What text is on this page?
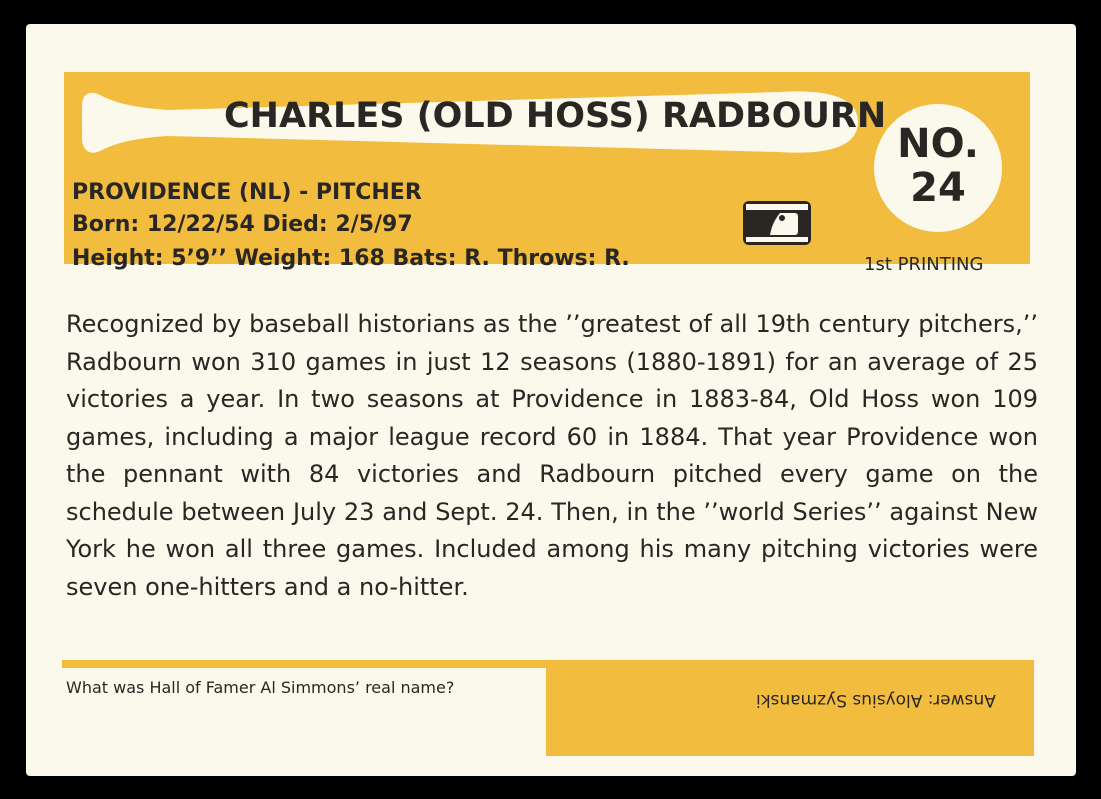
CHARLES (OLD HOSS) RADBOURN
NO.
24
PROVIDENCE (NL) - PITCHER
Born: 12/22/54 Died: 2/5/97
Height: 5’9’’ Weight: 168 Bats: R. Throws: R.	1st PRINTING
Recognized by baseball historians as the ’’greatest of all 19th century pitchers,’’ Radbourn won 310 games in just 12 seasons (1880-1891) for an average of 25 victories a year. In two seasons at Providence in 1883-84, Old Hoss won 109 games, including a major league record 60 in 1884. That year Providence won the pennant with 84 victories and Radbourn pitched every game on the schedule between July 23 and Sept. 24. Then, in the ’’world Series’’ against New York he won all three games. Included among his many pitching victories were seven one-hitters and a no-hitter.
What was Hall of Famer Al Simmons’ real name?
Answer: Aloysius Syzmanski
